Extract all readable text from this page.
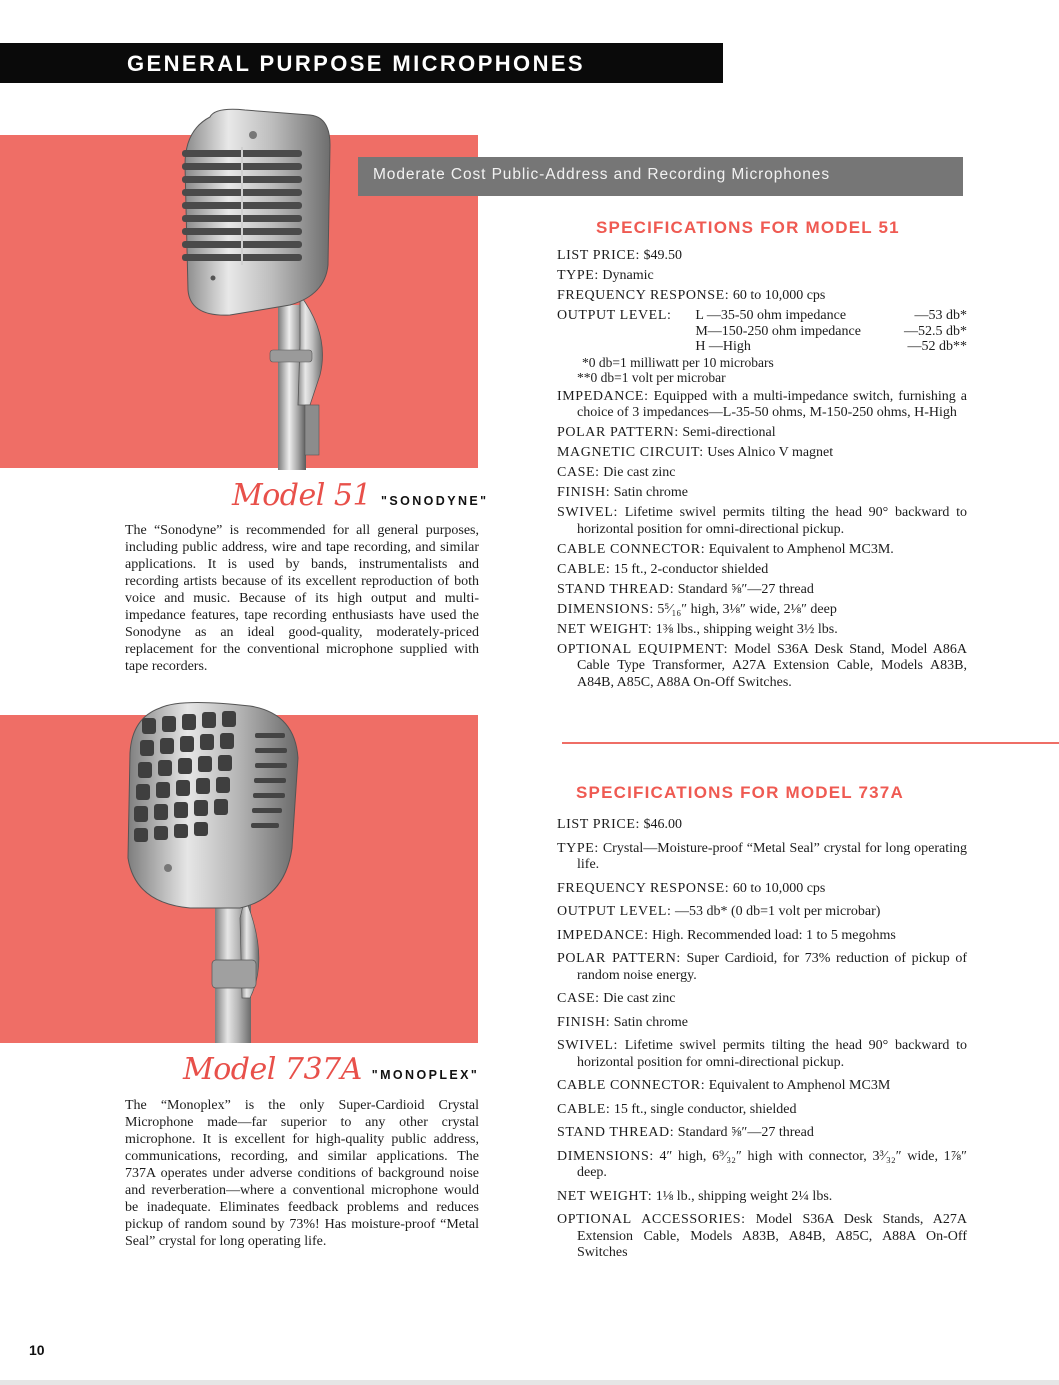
GENERAL PURPOSE MICROPHONES
Moderate Cost Public-Address and Recording Microphones
Model 51 "SONODYNE"
The “Sonodyne” is recommended for all general purposes, including public address, wire and tape recording, and similar applications. It is used by bands, instrumentalists and recording artists because of its excellent reproduction of both voice and music. Because of its high output and multi-impedance features, tape recording enthusiasts have used the Sonodyne as an ideal good-quality, moderately-priced replacement for the conventional microphone supplied with tape recorders.
Model 737A "MONOPLEX"
The “Monoplex” is the only Super-Cardioid Crystal Microphone made—far superior to any other crystal microphone. It is excellent for high-quality public address, communications, recording, and similar applications. The 737A operates under adverse conditions of background noise and reverberation—where a conventional microphone would be inadequate. Eliminates feedback problems and reduces pickup of random sound by 73%! Has moisture-proof “Metal Seal” crystal for long operating life.
SPECIFICATIONS FOR MODEL 51
LIST PRICE: $49.50
TYPE: Dynamic
FREQUENCY RESPONSE: 60 to 10,000 cps
OUTPUT LEVEL:	L —35-50 ohm impedance	—53 db*
M—150-250 ohm impedance	—52.5 db*
H —High	—52 db**
*0 db=1 milliwatt per 10 microbars
**0 db=1 volt per microbar
IMPEDANCE: Equipped with a multi-impedance switch, furnishing a choice of 3 impedances—L-35-50 ohms, M-150-250 ohms, H-High
POLAR PATTERN: Semi-directional
MAGNETIC CIRCUIT: Uses Alnico V magnet
CASE: Die cast zinc
FINISH: Satin chrome
SWIVEL: Lifetime swivel permits tilting the head 90° backward to horizontal position for omni-directional pickup.
CABLE CONNECTOR: Equivalent to Amphenol MC3M.
CABLE: 15 ft., 2-conductor shielded
STAND THREAD: Standard ⅝″—27 thread
DIMENSIONS: 5⁵⁄₁₆″ high, 3⅛″ wide, 2⅛″ deep
NET WEIGHT: 1⅜ lbs., shipping weight 3½ lbs.
OPTIONAL EQUIPMENT: Model S36A Desk Stand, Model A86A Cable Type Transformer, A27A Extension Cable, Models A83B, A84B, A85C, A88A On-Off Switches.
SPECIFICATIONS FOR MODEL 737A
LIST PRICE: $46.00
TYPE: Crystal—Moisture-proof “Metal Seal” crystal for long operating life.
FREQUENCY RESPONSE: 60 to 10,000 cps
OUTPUT LEVEL: —53 db* (0 db=1 volt per microbar)
IMPEDANCE: High. Recommended load: 1 to 5 megohms
POLAR PATTERN: Super Cardioid, for 73% reduction of pickup of random noise energy.
CASE: Die cast zinc
FINISH: Satin chrome
SWIVEL: Lifetime swivel permits tilting the head 90° backward to horizontal position for omni-directional pickup.
CABLE CONNECTOR: Equivalent to Amphenol MC3M
CABLE: 15 ft., single conductor, shielded
STAND THREAD: Standard ⅝″—27 thread
DIMENSIONS: 4″ high, 6⁹⁄₃₂″ high with connector, 3³⁄₃₂″ wide, 1⅞″ deep.
NET WEIGHT: 1⅛ lb., shipping weight 2¼ lbs.
OPTIONAL ACCESSORIES: Model S36A Desk Stands, A27A Extension Cable, Models A83B, A84B, A85C, A88A On-Off Switches
10
